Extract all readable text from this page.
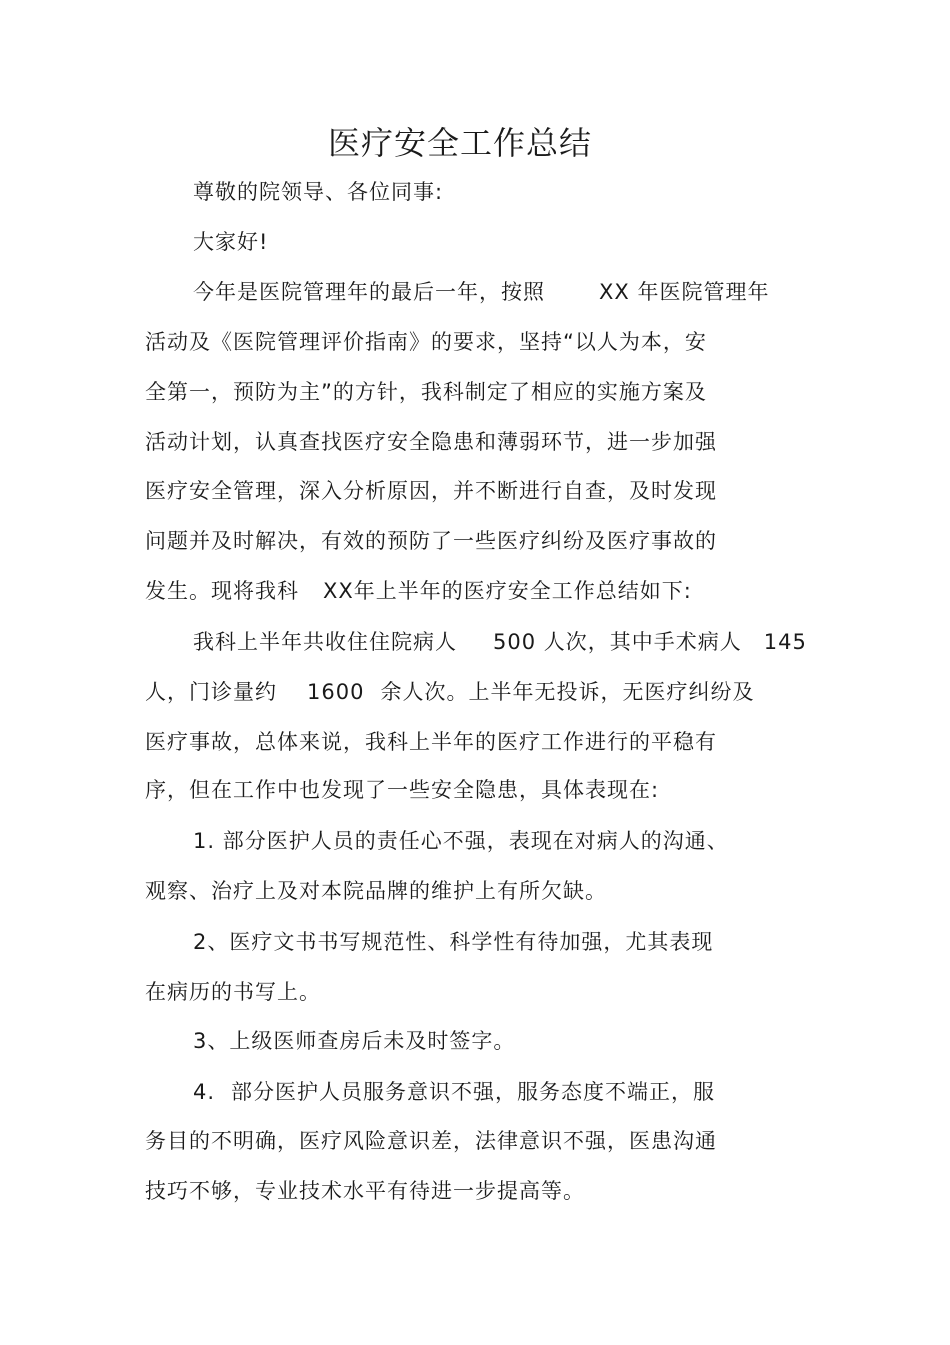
医疗安全工作总结
尊敬的院领导、各位同事:
大家好!
今年是医院管理年的最后一年，按照	XX 年医院管理年
活动及《医院管理评价指南》的要求，坚持“以人为本，安
全第一，预防为主”的方针，我科制定了相应的实施方案及
活动计划，认真查找医疗安全隐患和薄弱环节，进一步加强
医疗安全管理，深入分析原因，并不断进行自查，及时发现
问题并及时解决，有效的预防了一些医疗纠纷及医疗事故的
发生。现将我科 XX年上半年的医疗安全工作总结如下:
我科上半年共收住住院病人 500 人次，其中手术病人 145
人，门诊量约 1600 余人次。上半年无投诉，无医疗纠纷及
医疗事故，总体来说，我科上半年的医疗工作进行的平稳有
序，但在工作中也发现了一些安全隐患，具体表现在:
1. 部分医护人员的责任心不强，表现在对病人的沟通、
观察、治疗上及对本院品牌的维护上有所欠缺。
2、医疗文书书写规范性、科学性有待加强，尤其表现
在病历的书写上。
3、上级医师查房后未及时签字。
4. 部分医护人员服务意识不强，服务态度不端正，服
务目的不明确，医疗风险意识差，法律意识不强，医患沟通
技巧不够，专业技术水平有待进一步提高等。
